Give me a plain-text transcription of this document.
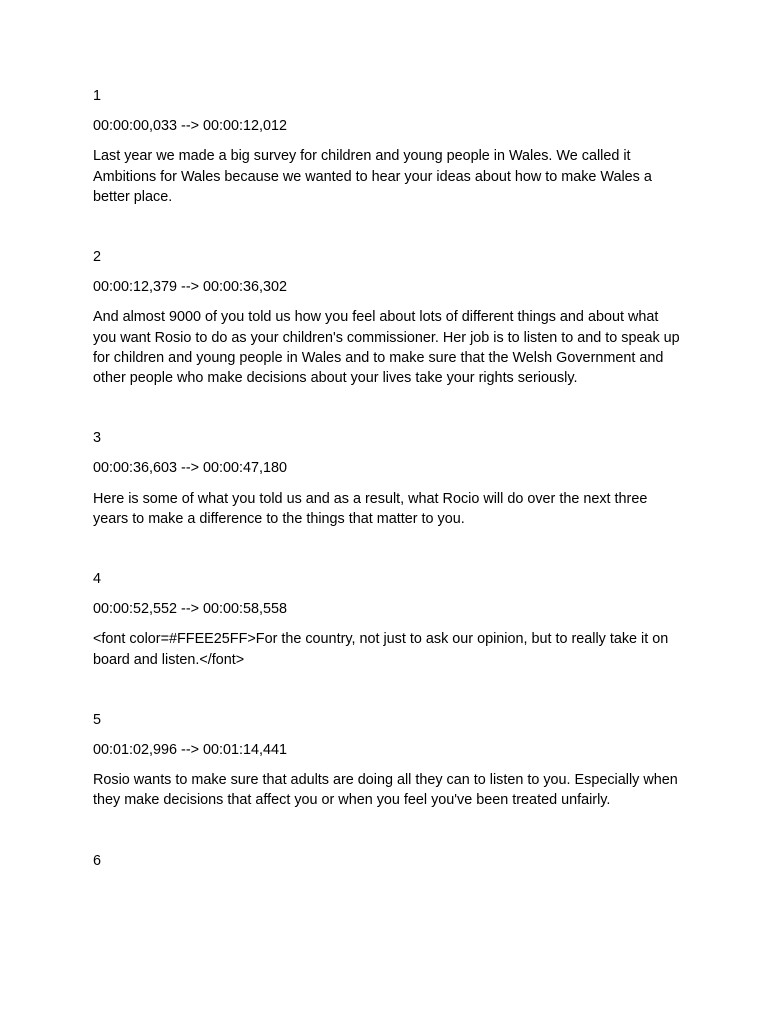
1

00:00:00,033 --> 00:00:12,012

Last year we made a big survey for children and young people in Wales. We called it Ambitions for Wales because we wanted to hear your ideas about how to make Wales a better place.

2

00:00:12,379 --> 00:00:36,302

And almost 9000 of you told us how you feel about lots of different things and about what you want Rosio to do as your children's commissioner. Her job is to listen to and to speak up for children and young people in Wales and to make sure that the Welsh Government and other people who make decisions about your lives take your rights seriously.

3

00:00:36,603 --> 00:00:47,180

Here is some of what you told us and as a result, what Rocio will do over the next three years to make a difference to the things that matter to you.

4

00:00:52,552 --> 00:00:58,558

<font color=#FFEE25FF>For the country, not just to ask our opinion, but to really take it on board and listen.</font>

5

00:01:02,996 --> 00:01:14,441

Rosio wants to make sure that adults are doing all they can to listen to you. Especially when they make decisions that affect you or when you feel you've been treated unfairly.

6
